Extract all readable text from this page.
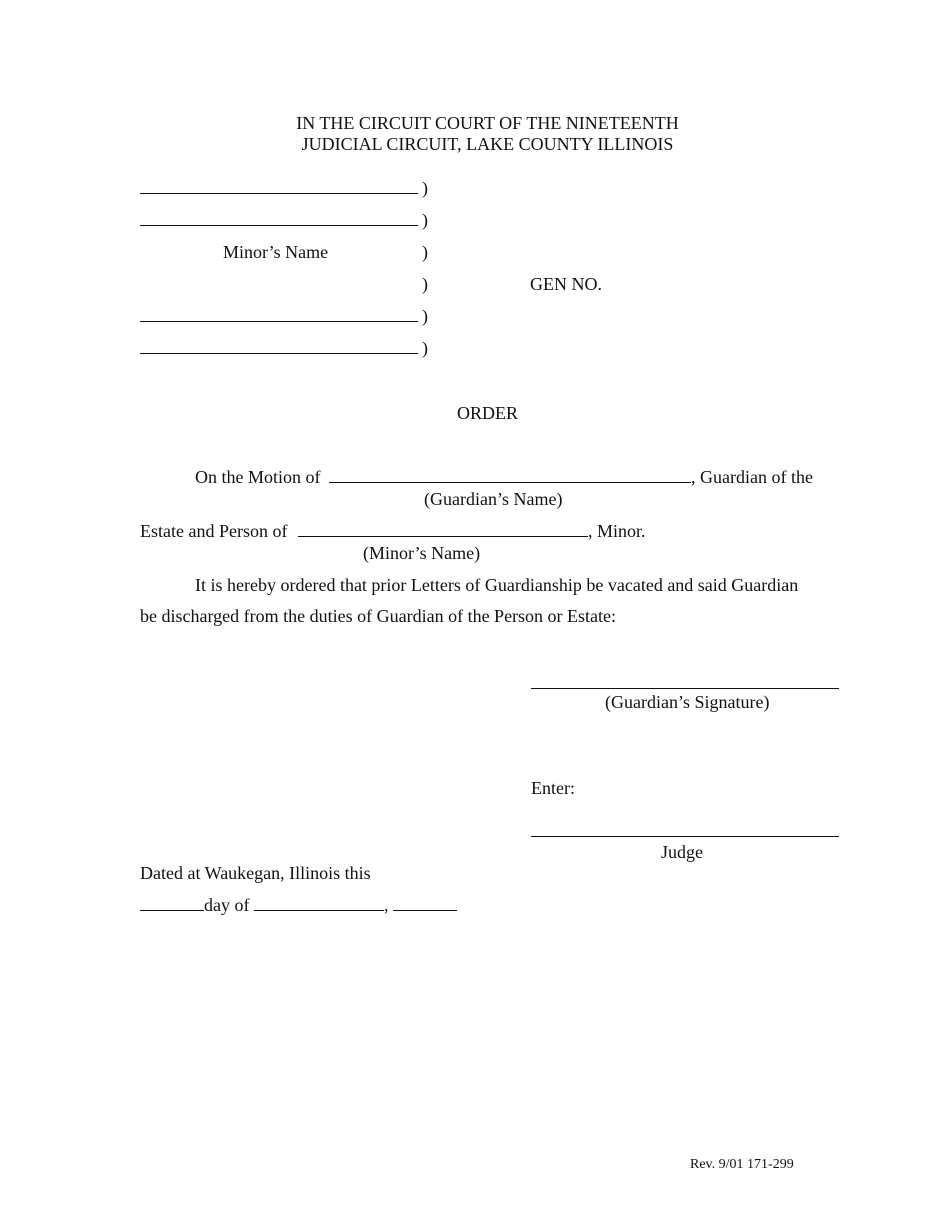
IN THE CIRCUIT COURT OF THE NINETEENTH
JUDICIAL CIRCUIT, LAKE COUNTY ILLINOIS
)
)
Minor’s Name	)
)	GEN NO.
)
)
ORDER
On the Motion of	, Guardian of the
(Guardian’s Name)
Estate and Person of	, Minor.
(Minor’s Name)
It is hereby ordered that prior Letters of Guardianship be vacated and said Guardian
be discharged from the duties of Guardian of the Person or Estate:
(Guardian’s Signature)
Enter:
Judge
Dated at Waukegan, Illinois this
day of	,
Rev. 9/01 171-299
